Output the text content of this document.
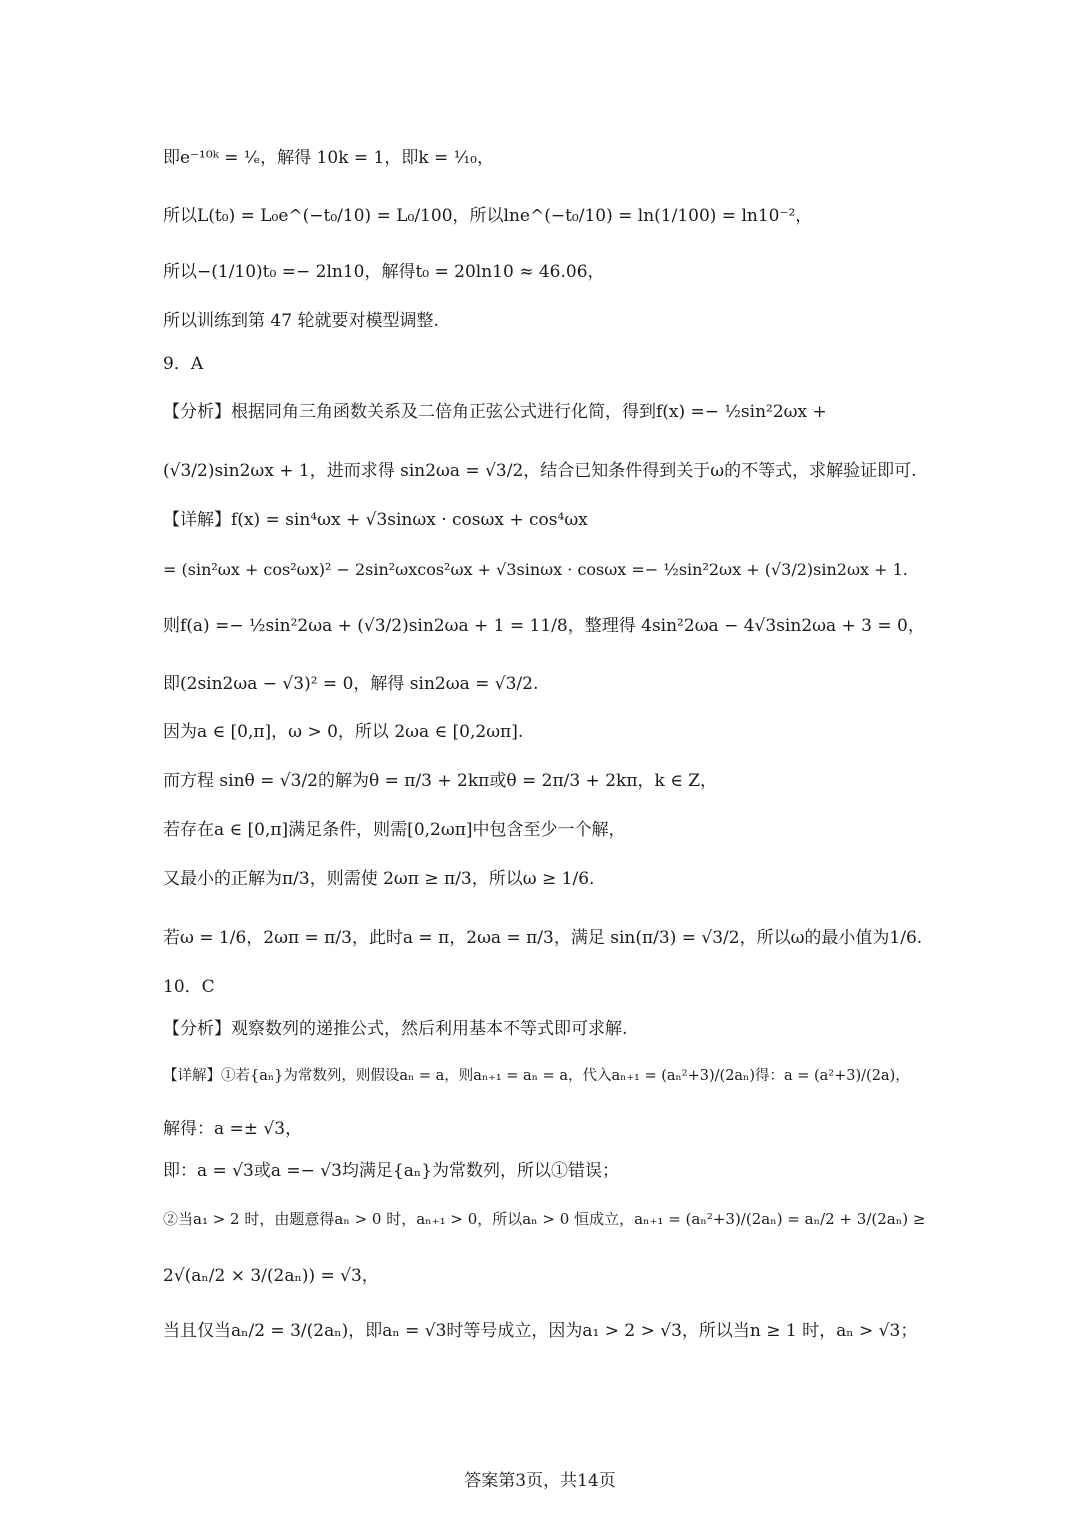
即e⁻¹⁰ᵏ = ¹⁄ₑ，解得 10k = 1，即k = ¹⁄₁₀，
所以L(t₀) = L₀e^(−t₀/10) = L₀/100，所以lne^(−t₀/10) = ln(1/100) = ln10⁻²，
所以−(1/10)t₀ =− 2ln10，解得t₀ = 20ln10 ≈ 46.06，
所以训练到第 47 轮就要对模型调整.
9．A
【分析】根据同角三角函数关系及二倍角正弦公式进行化简，得到f(x) =− ½sin²2ωx +
(√3/2)sin2ωx + 1，进而求得 sin2ωa = √3/2，结合已知条件得到关于ω的不等式，求解验证即可.
【详解】f(x) = sin⁴ωx + √3sinωx · cosωx + cos⁴ωx
= (sin²ωx + cos²ωx)² − 2sin²ωxcos²ωx + √3sinωx · cosωx =− ½sin²2ωx + (√3/2)sin2ωx + 1.
则f(a) =− ½sin²2ωa + (√3/2)sin2ωa + 1 = 11/8，整理得 4sin²2ωa − 4√3sin2ωa + 3 = 0，
即(2sin2ωa − √3)² = 0，解得 sin2ωa = √3/2.
因为a ∈ [0,π]，ω > 0，所以 2ωa ∈ [0,2ωπ].
而方程 sinθ = √3/2的解为θ = π/3 + 2kπ或θ = 2π/3 + 2kπ，k ∈ Z，
若存在a ∈ [0,π]满足条件，则需[0,2ωπ]中包含至少一个解，
又最小的正解为π/3，则需使 2ωπ ≥ π/3，所以ω ≥ 1/6.
若ω = 1/6，2ωπ = π/3，此时a = π，2ωa = π/3，满足 sin(π/3) = √3/2，所以ω的最小值为1/6.
10．C
【分析】观察数列的递推公式，然后利用基本不等式即可求解.
【详解】①若{aₙ}为常数列，则假设aₙ = a，则aₙ₊₁ = aₙ = a，代入aₙ₊₁ = (aₙ²+3)/(2aₙ)得：a = (a²+3)/(2a)，
解得：a =± √3，
即：a = √3或a =− √3均满足{aₙ}为常数列，所以①错误；
②当a₁ > 2 时，由题意得aₙ > 0 时，aₙ₊₁ > 0，所以aₙ > 0 恒成立，aₙ₊₁ = (aₙ²+3)/(2aₙ) = aₙ/2 + 3/(2aₙ) ≥
2√(aₙ/2 × 3/(2aₙ)) = √3，
当且仅当aₙ/2 = 3/(2aₙ)，即aₙ = √3时等号成立，因为a₁ > 2 > √3，所以当n ≥ 1 时，aₙ > √3；
答案第3页，共14页
